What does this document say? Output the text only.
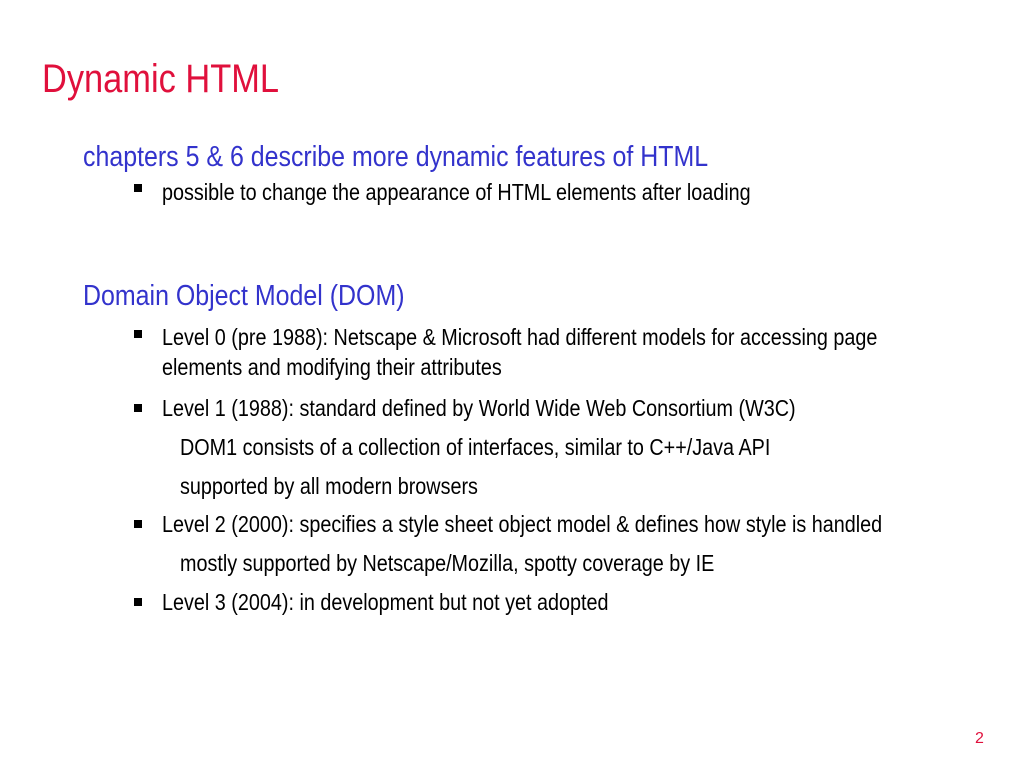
Dynamic HTML
chapters 5 & 6 describe more dynamic features of HTML
possible to change the appearance of HTML elements after loading
Domain Object Model (DOM)
Level 0 (pre 1988): Netscape & Microsoft had different models for accessing page
elements and modifying their attributes
Level 1 (1988): standard defined by World Wide Web Consortium (W3C)
DOM1 consists of a collection of interfaces, similar to C++/Java API
supported by all modern browsers
Level 2 (2000): specifies a style sheet object model & defines how style is handled
mostly supported by Netscape/Mozilla, spotty coverage by IE
Level 3 (2004): in development but not yet adopted
2
